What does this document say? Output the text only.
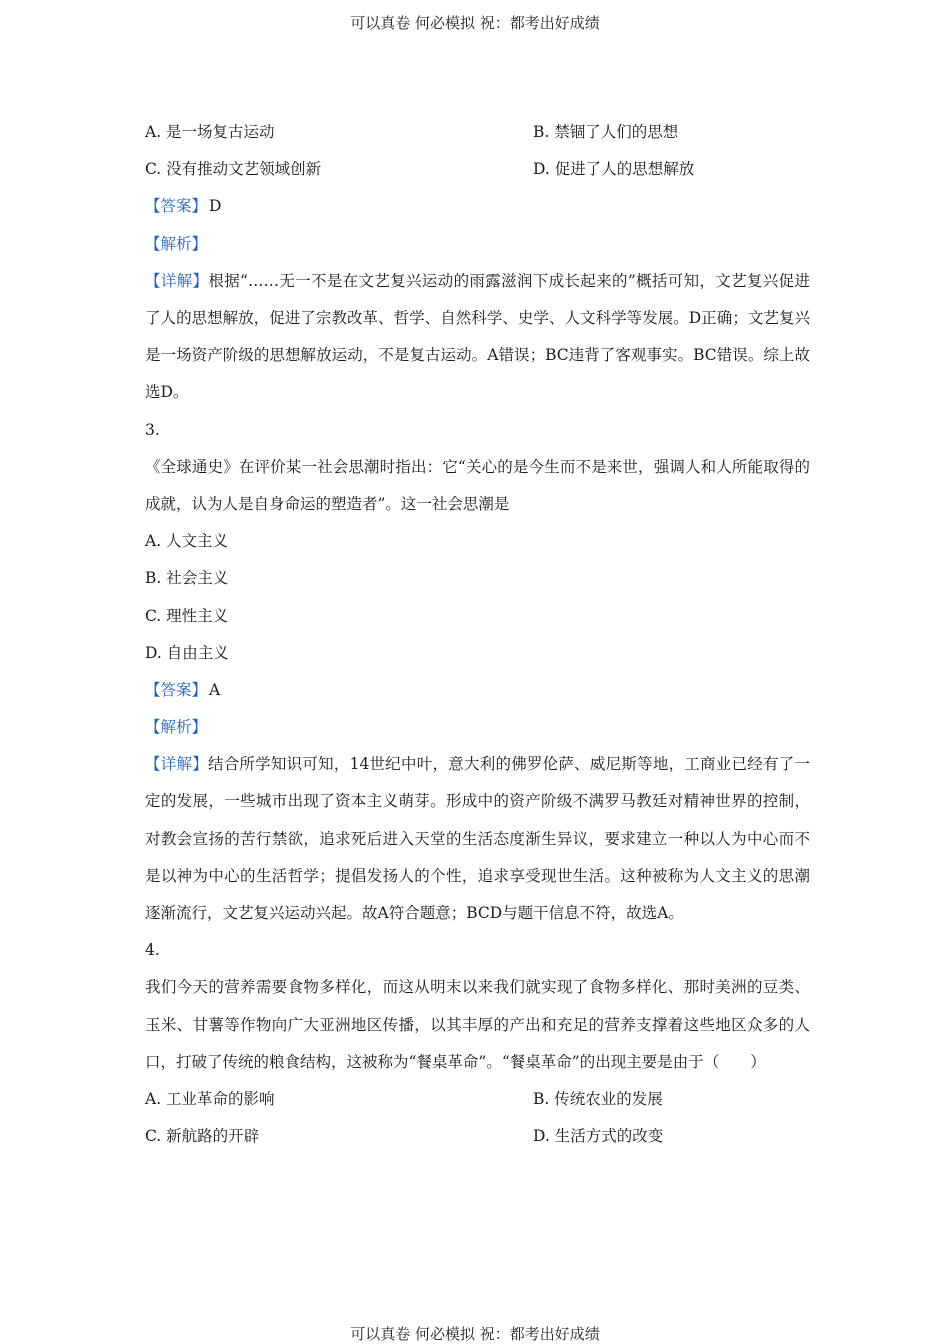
可以真卷 何必模拟 祝：都考出好成绩
A. 是一场复古运动	B. 禁锢了人们的思想
C. 没有推动文艺领域创新	D. 促进了人的思想解放
【答案】 D
【解析】
【详解】根据“……无一不是在文艺复兴运动的雨露滋润下成长起来的”概括可知，文艺复兴促进了人的思想解放，促进了宗教改革、哲学、自然科学、史学、人文科学等发展。D正确；文艺复兴是一场资产阶级的思想解放运动，不是复古运动。A错误；BC违背了客观事实。BC错误。综上故选D。
3.
《全球通史》在评价某一社会思潮时指出：它“关心的是今生而不是来世，强调人和人所能取得的成就，认为人是自身命运的塑造者”。这一社会思潮是
A. 人文主义
B. 社会主义
C. 理性主义
D. 自由主义
【答案】 A
【解析】
【详解】结合所学知识可知，14世纪中叶，意大利的佛罗伦萨、威尼斯等地，工商业已经有了一定的发展，一些城市出现了资本主义萌芽。形成中的资产阶级不满罗马教廷对精神世界的控制，对教会宣扬的苦行禁欲，追求死后进入天堂的生活态度渐生异议，要求建立一种以人为中心而不是以神为中心的生活哲学；提倡发扬人的个性，追求享受现世生活。这种被称为人文主义的思潮逐渐流行，文艺复兴运动兴起。故A符合题意；BCD与题干信息不符，故选A。
4.
我们今天的营养需要食物多样化，而这从明末以来我们就实现了食物多样化、那时美洲的豆类、玉米、甘薯等作物向广大亚洲地区传播，以其丰厚的产出和充足的营养支撑着这些地区众多的人口，打破了传统的粮食结构，这被称为“餐桌革命”。“餐桌革命”的出现主要是由于（　　）
A. 工业革命的影响	B. 传统农业的发展
C. 新航路的开辟	D. 生活方式的改变
可以真卷 何必模拟 祝：都考出好成绩
